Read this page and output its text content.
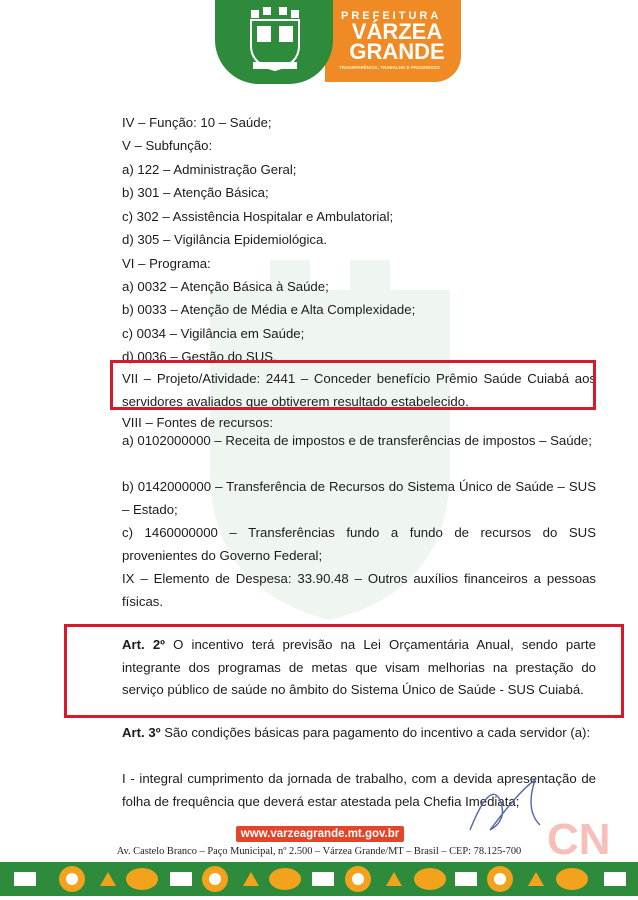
PREFEITURA
VÁRZEA
GRANDE
TRANSPARÊNCIA, TRABALHO E PROGRESSO
IV – Função: 10 – Saúde;
V – Subfunção:
a) 122 – Administração Geral;
b) 301 – Atenção Básica;
c) 302 – Assistência Hospitalar e Ambulatorial;
d) 305 – Vigilância Epidemiológica.
VI – Programa:
a) 0032 – Atenção Básica à Saúde;
b) 0033 – Atenção de Média e Alta Complexidade;
c) 0034 – Vigilância em Saúde;
d) 0036 – Gestão do SUS.
VII – Projeto/Atividade: 2441 – Conceder benefício Prêmio Saúde Cuiabá aos servidores avaliados que obtiverem resultado estabelecido.
VIII – Fontes de recursos:
a) 0102000000 – Receita de impostos e de transferências de impostos – Saúde;
b) 0142000000 – Transferência de Recursos do Sistema Único de Saúde – SUS – Estado;
c) 1460000000 – Transferências fundo a fundo de recursos do SUS provenientes do Governo Federal;
IX – Elemento de Despesa: 33.90.48 – Outros auxílios financeiros a pessoas físicas.
Art. 2º O incentivo terá previsão na Lei Orçamentária Anual, sendo parte integrante dos programas de metas que visam melhorias na prestação do serviço público de saúde no âmbito do Sistema Único de Saúde - SUS Cuiabá.
Art. 3º São condições básicas para pagamento do incentivo a cada servidor (a):
I - integral cumprimento da jornada de trabalho, com a devida apresentação de folha de frequência que deverá estar atestada pela Chefia Imediata;
CN
www.varzeagrande.mt.gov.br
Av. Castelo Branco – Paço Municipal, nº 2.500 – Várzea Grande/MT – Brasil – CEP: 78.125-700
